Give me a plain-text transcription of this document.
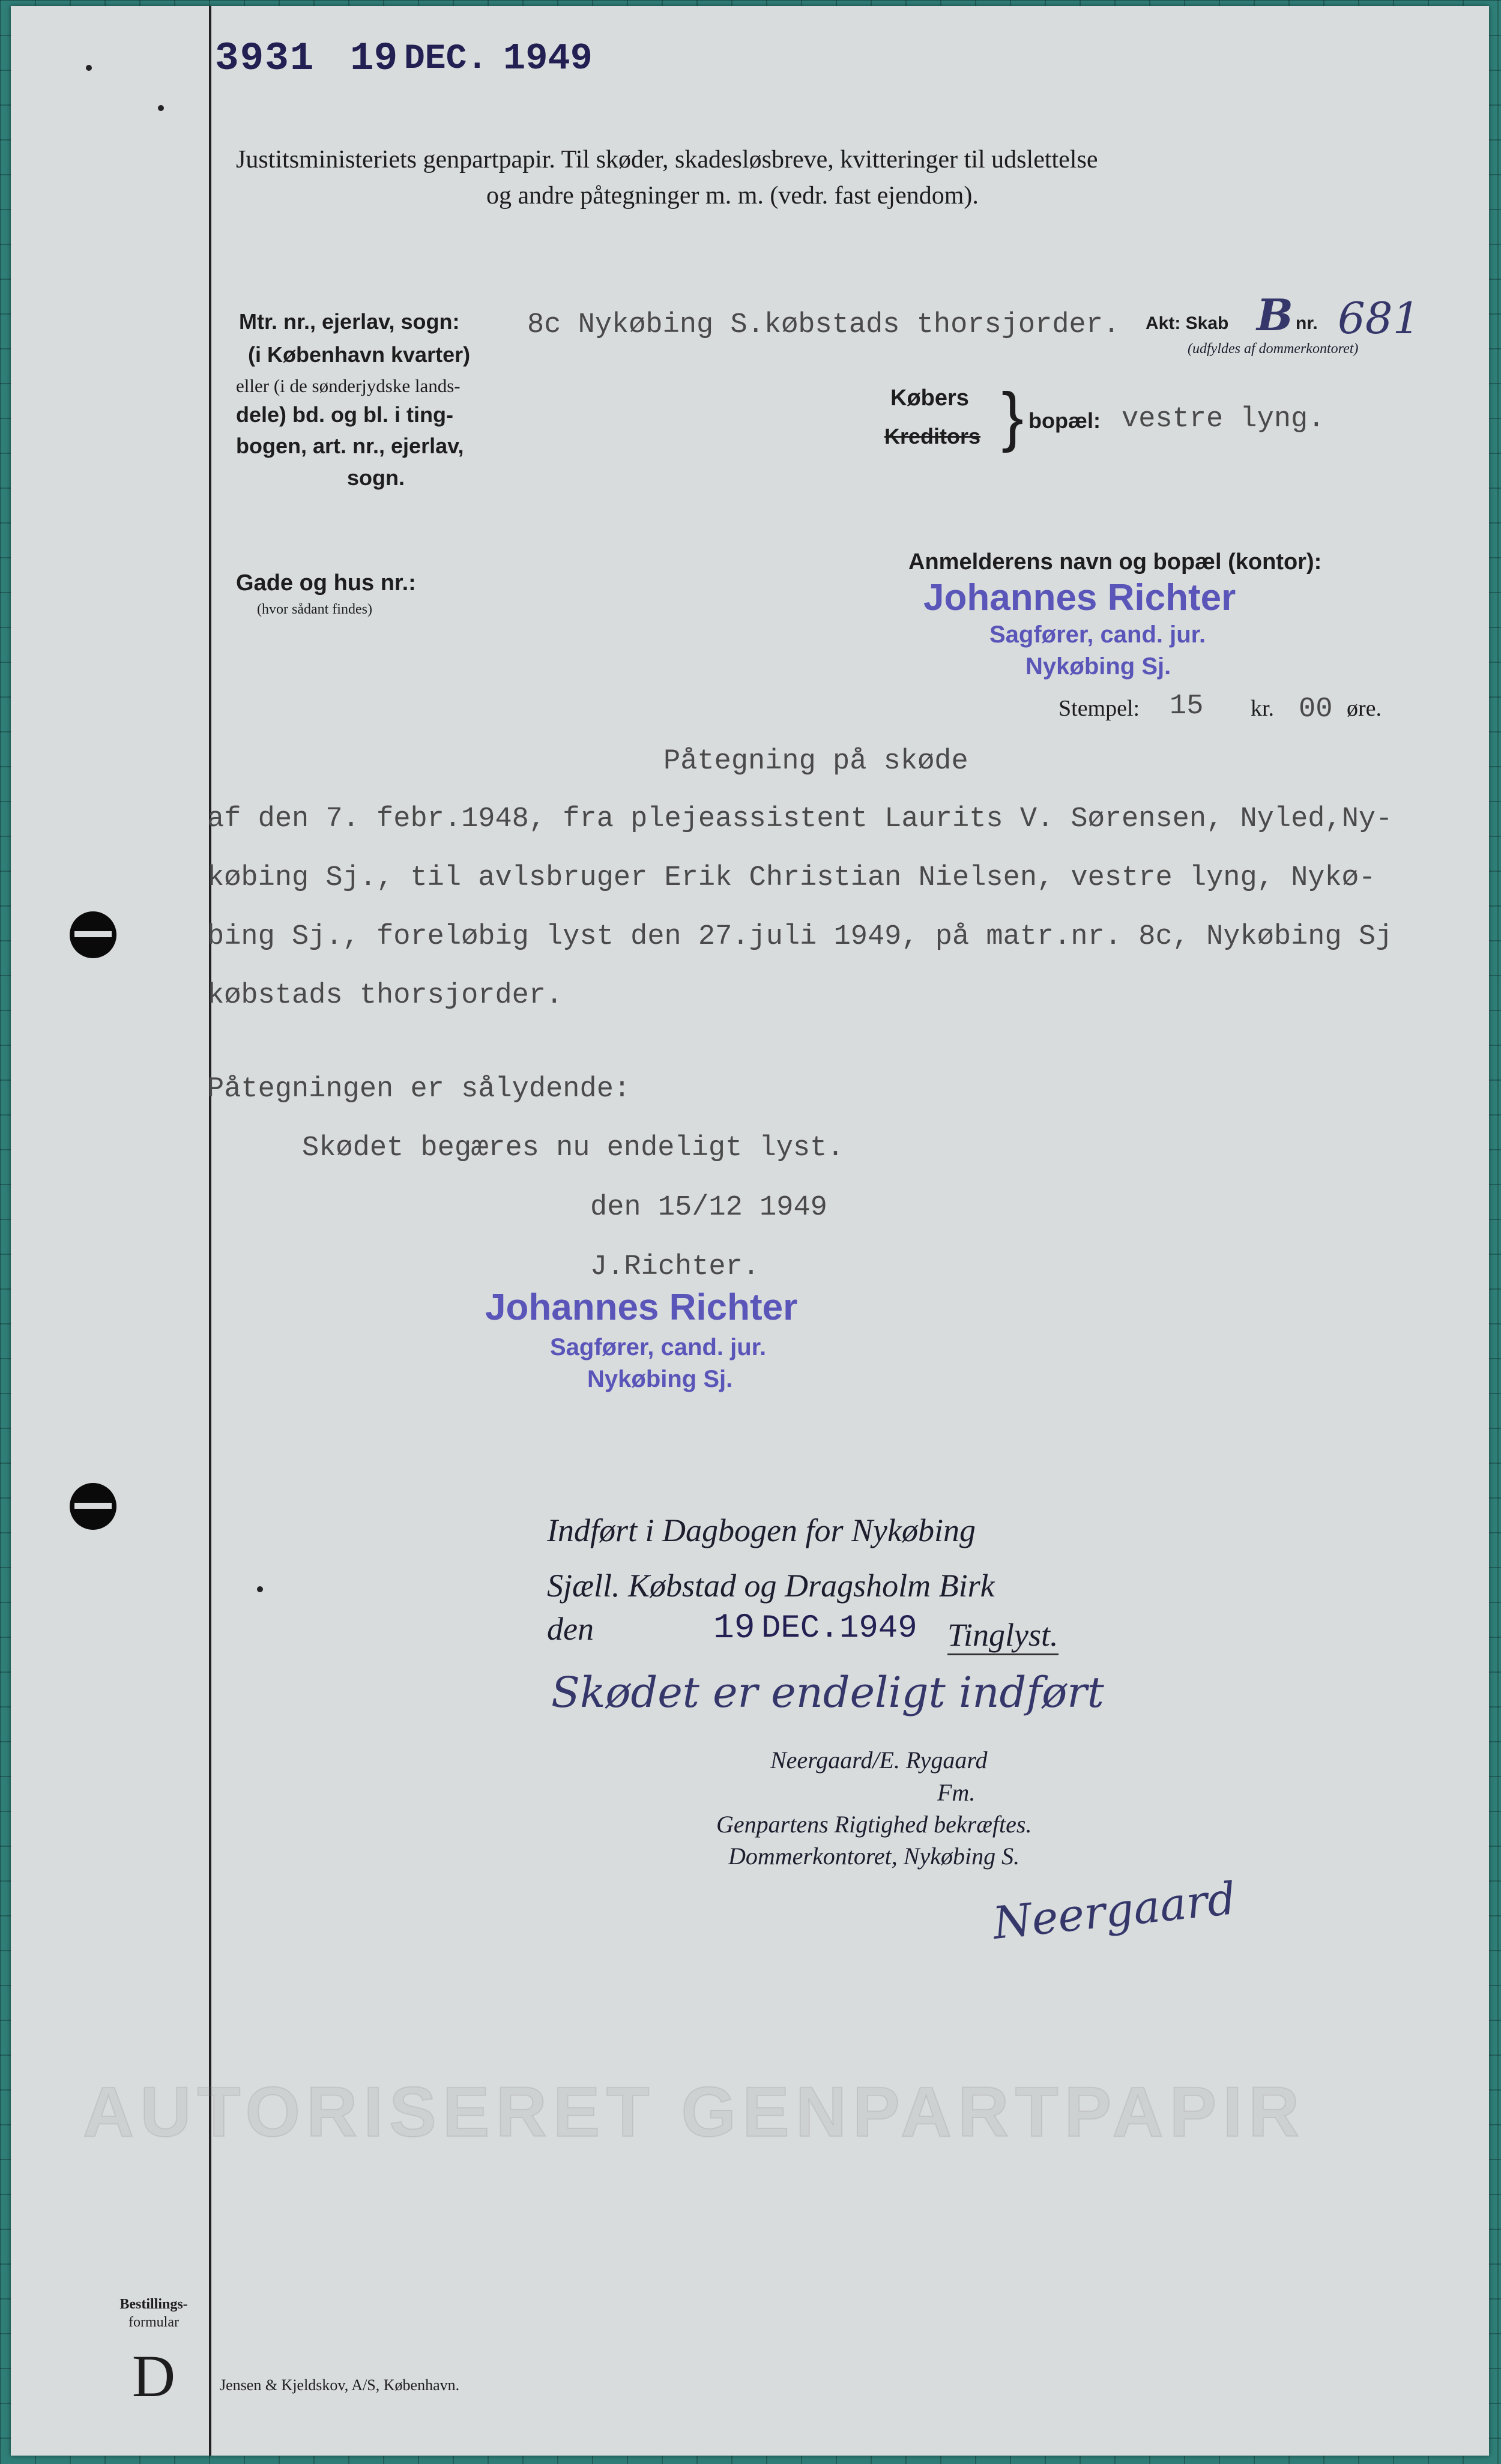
3931 19 DEC. 1949
Justitsministeriets genpartpapir. Til skøder, skadesløsbreve, kvitteringer til udslettelse
og andre påtegninger m. m. (vedr. fast ejendom).
Mtr. nr., ejerlav, sogn:
(i København kvarter)
eller (i de sønderjydske lands-
dele) bd. og bl. i ting-
bogen, art. nr., ejerlav,
sogn.
8c Nykøbing S.købstads thorsjorder. Akt: Skab B nr. 681
(udfyldes af dommerkontoret)
Købers
Kreditors } bopæl: vestre lyng.
Gade og hus nr.:
(hvor sådant findes)
Anmelderens navn og bopæl (kontor):
Johannes Richter
Sagfører, cand. jur.
Nykøbing Sj.
Stempel: 15 kr. 00 øre.
Påtegning på skøde
af den 7. febr.1948, fra plejeassistent Laurits V. Sørensen, Nyled,Ny-
købing Sj., til avlsbruger Erik Christian Nielsen, vestre lyng, Nykø-
bing Sj., foreløbig lyst den 27.juli 1949, på matr.nr. 8c, Nykøbing Sj
købstads thorsjorder.
Påtegningen er sålydende:
Skødet begæres nu endeligt lyst.
den 15/12 1949
J.Richter.
Johannes Richter
Sagfører, cand. jur.
Nykøbing Sj.
Indført i Dagbogen for Nykøbing
Sjæll. Købstad og Dragsholm Birk
den	19 DEC. 1949 Tinglyst.
Skødet er endeligt indført
Neergaard/E. Rygaard
Fm.
Genpartens Rigtighed bekræftes.
Dommerkontoret, Nykøbing S.
Neergaard
AUTORISERET GENPARTPAPIR
Bestillings-
formular
D	Jensen & Kjeldskov, A/S, København.
